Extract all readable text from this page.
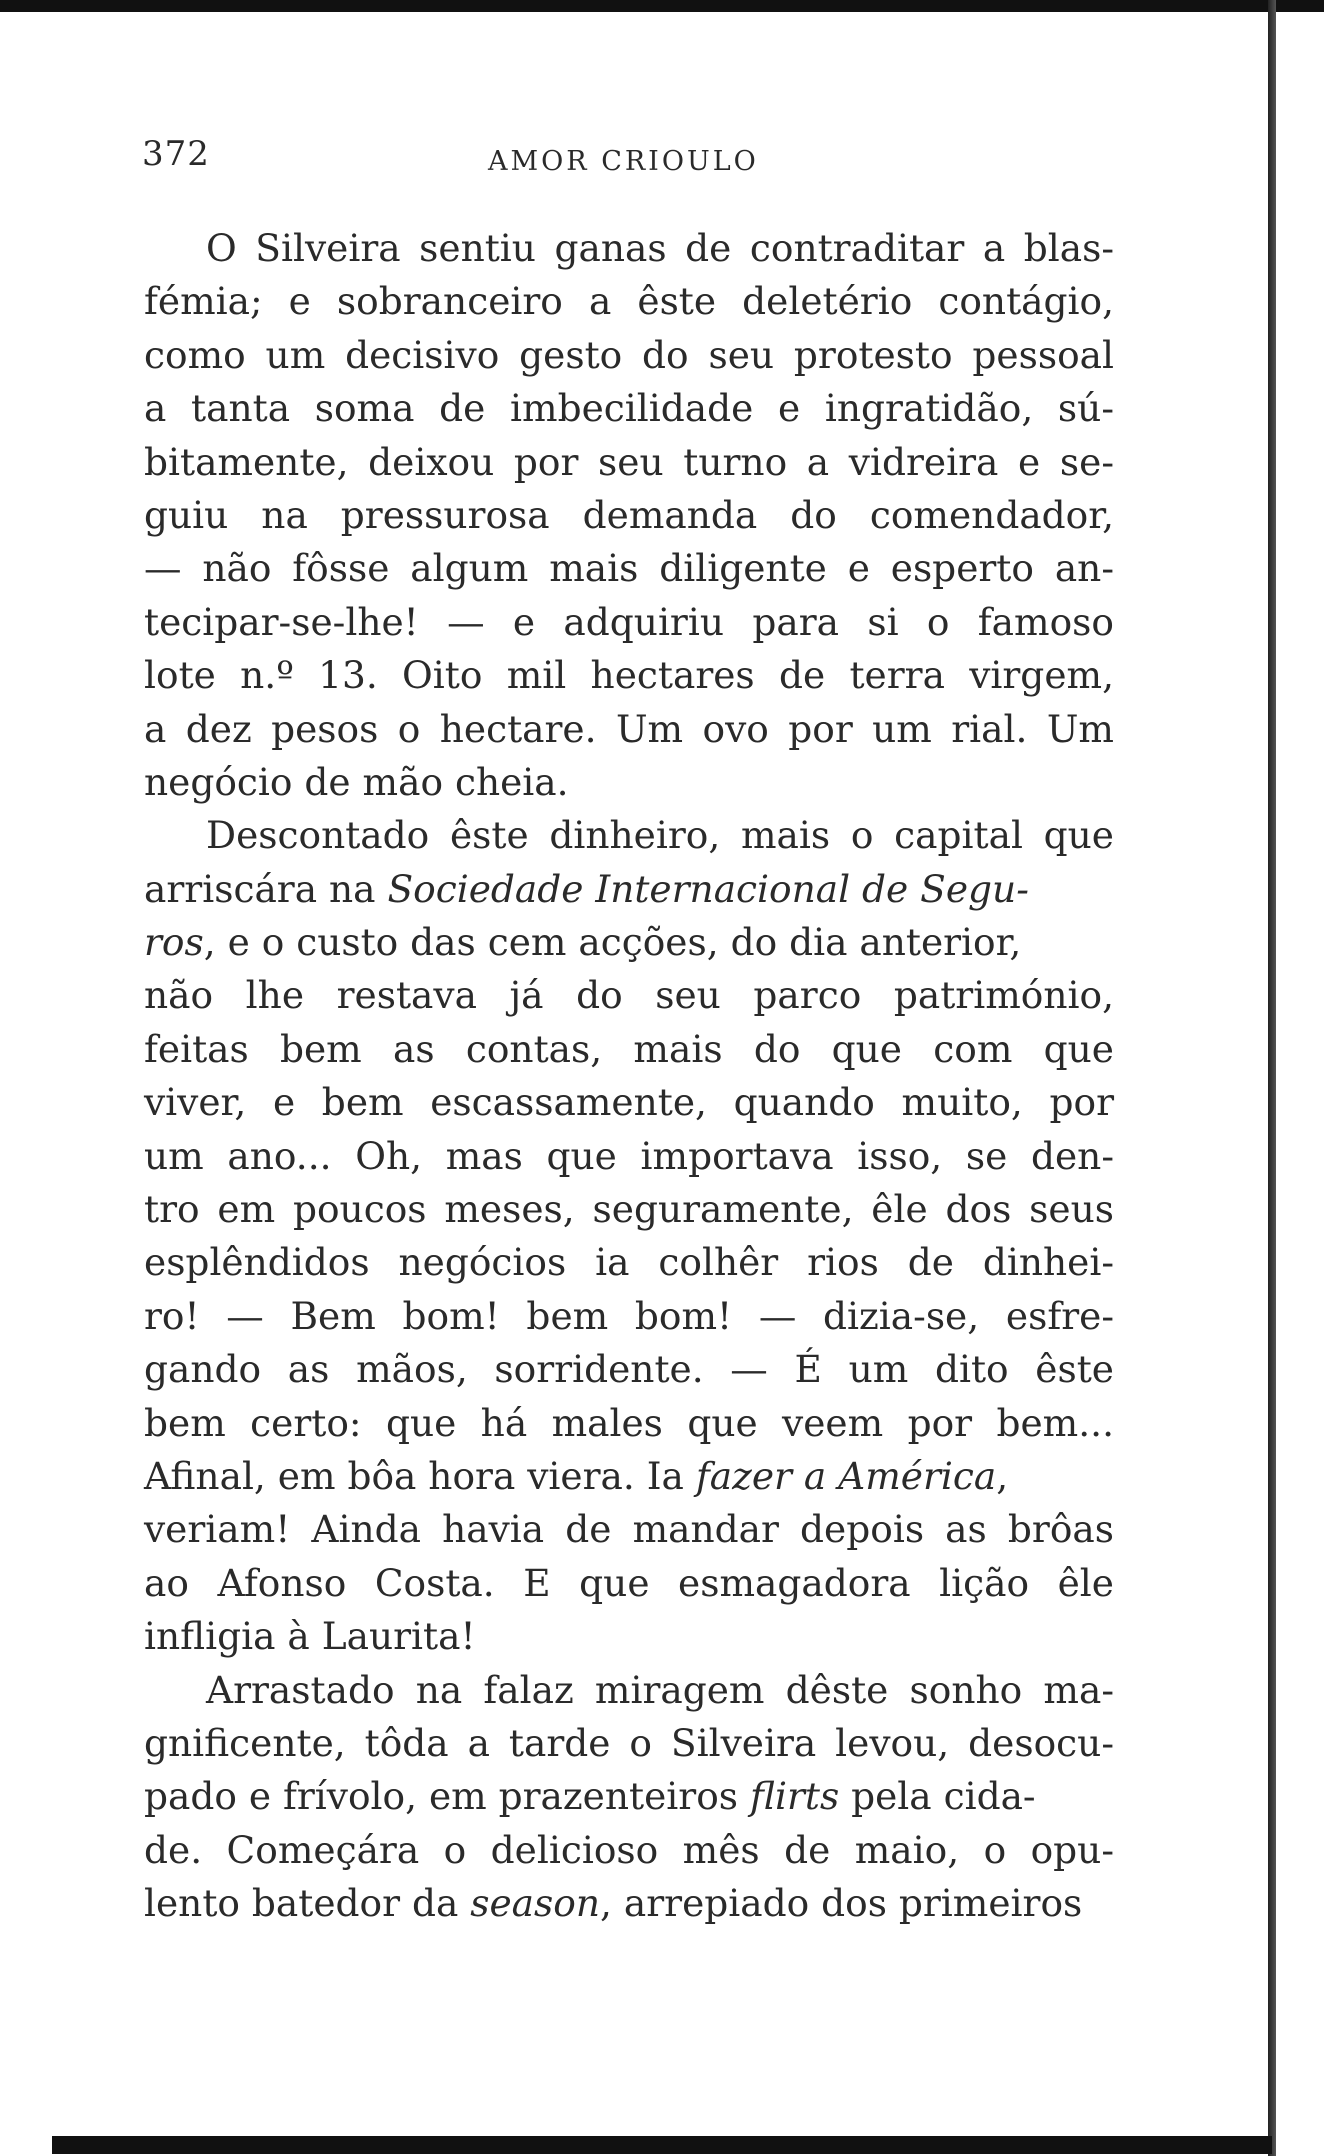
372	AMOR CRIOULO
O Silveira sentiu ganas de contraditar a blas-
fémia; e sobranceiro a êste deletério contágio,
como um decisivo gesto do seu protesto pessoal
a tanta soma de imbecilidade e ingratidão, sú-
bitamente, deixou por seu turno a vidreira e se-
guiu na pressurosa demanda do comendador,
— não fôsse algum mais diligente e esperto an-
tecipar-se-lhe! — e adquiriu para si o famoso
lote n.º 13. Oito mil hectares de terra virgem,
a dez pesos o hectare. Um ovo por um rial. Um
negócio de mão cheia.
Descontado êste dinheiro, mais o capital que
arriscára na Sociedade Internacional de Segu-
ros, e o custo das cem acções, do dia anterior,
não lhe restava já do seu parco património,
feitas bem as contas, mais do que com que
viver, e bem escassamente, quando muito, por
um ano... Oh, mas que importava isso, se den-
tro em poucos meses, seguramente, êle dos seus
esplêndidos negócios ia colhêr rios de dinhei-
ro! — Bem bom! bem bom! — dizia-se, esfre-
gando as mãos, sorridente. — É um dito êste
bem certo: que há males que veem por bem...
Afinal, em bôa hora viera. Ia fazer a América,
veriam! Ainda havia de mandar depois as brôas
ao Afonso Costa. E que esmagadora lição êle
infligia à Laurita!
Arrastado na falaz miragem dêste sonho ma-
gnificente, tôda a tarde o Silveira levou, desocu-
pado e frívolo, em prazenteiros flirts pela cida-
de. Começára o delicioso mês de maio, o opu-
lento batedor da season, arrepiado dos primeiros
